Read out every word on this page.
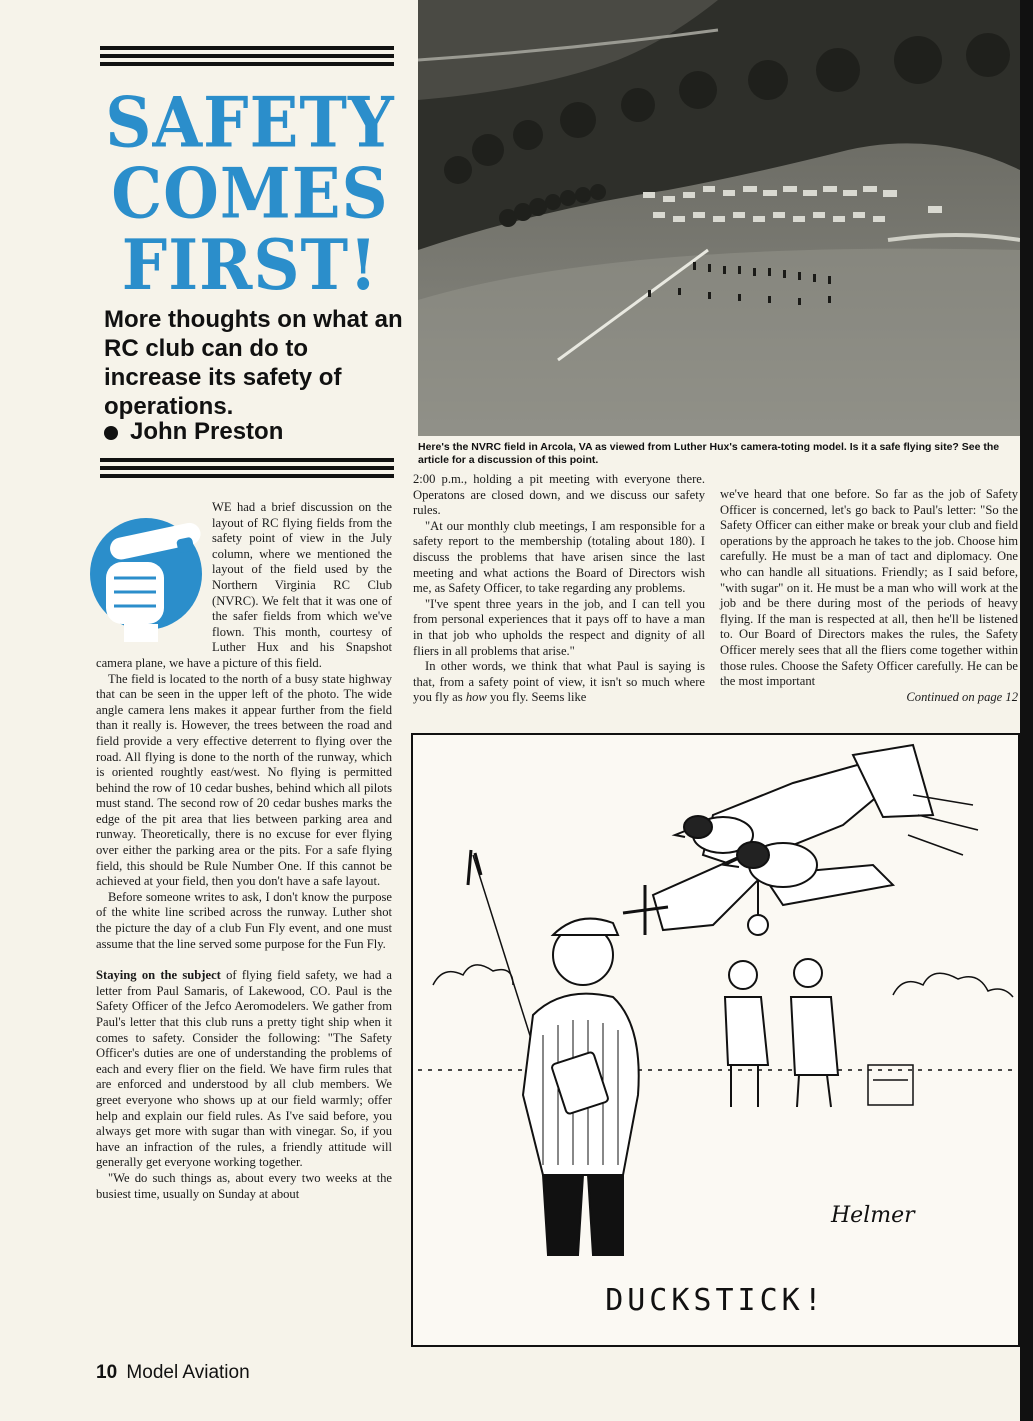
SAFETY
COMES
FIRST!

More thoughts on what an RC club can do to increase its safety of operations.

John Preston

Here's the NVRC field in Arcola, VA as viewed from Luther Hux's camera-toting model. Is it a safe flying site? See the article for a discussion of this point.

WE had a brief discussion on the layout of RC flying fields from the safety point of view in the July column, where we mentioned the layout of the field used by the Northern Virginia RC Club (NVRC). We felt that it was one of the safer fields from which we've flown. This month, courtesy of Luther Hux and his Snapshot camera plane, we have a picture of this field.

The field is located to the north of a busy state highway that can be seen in the upper left of the photo. The wide angle camera lens makes it appear further from the field than it really is. However, the trees between the road and field provide a very effective deterrent to flying over the road. All flying is done to the north of the runway, which is oriented roughtly east/west. No flying is permitted behind the row of 10 cedar bushes, behind which all pilots must stand. The second row of 20 cedar bushes marks the edge of the pit area that lies between parking area and runway. Theoretically, there is no excuse for ever flying over either the parking area or the pits. For a safe flying field, this should be Rule Number One. If this cannot be achieved at your field, then you don't have a safe layout.

Before someone writes to ask, I don't know the purpose of the white line scribed across the runway. Luther shot the picture the day of a club Fun Fly event, and one must assume that the line served some purpose for the Fun Fly.

Staying on the subject of flying field safety, we had a letter from Paul Samaris, of Lakewood, CO. Paul is the Safety Officer of the Jefco Aeromodelers. We gather from Paul's letter that this club runs a pretty tight ship when it comes to safety. Consider the following: "The Safety Officer's duties are one of understanding the problems of each and every flier on the field. We have firm rules that are enforced and understood by all club members. We greet everyone who shows up at our field warmly; offer help and explain our field rules. As I've said before, you always get more with sugar than with vinegar. So, if you have an infraction of the rules, a friendly attitude will generally get everyone working together.

"We do such things as, about every two weeks at the busiest time, usually on Sunday at about

2:00 p.m., holding a pit meeting with everyone there. Operatons are closed down, and we discuss our safety rules.

"At our monthly club meetings, I am responsible for a safety report to the membership (totaling about 180). I discuss the problems that have arisen since the last meeting and what actions the Board of Directors wish me, as Safety Officer, to take regarding any problems.

"I've spent three years in the job, and I can tell you from personal experiences that it pays off to have a man in that job who upholds the respect and dignity of all fliers in all problems that arise."

In other words, we think that what Paul is saying is that, from a safety point of view, it isn't so much where you fly as how you fly. Seems like

we've heard that one before. So far as the job of Safety Officer is concerned, let's go back to Paul's letter: "So the Safety Officer can either make or break your club and field operations by the approach he takes to the job. Choose him carefully. He must be a man of tact and diplomacy. One who can handle all situations. Friendly; as I said before, "with sugar" on it. He must be a man who will work at the job and be there during most of the periods of heavy flying. If the man is respected at all, then he'll be listened to. Our Board of Directors makes the rules, the Safety Officer merely sees that all the fliers come together within those rules. Choose the Safety Officer carefully. He can be the most important

Continued on page 12

Helmer

DUCKSTICK!

10 Model Aviation
